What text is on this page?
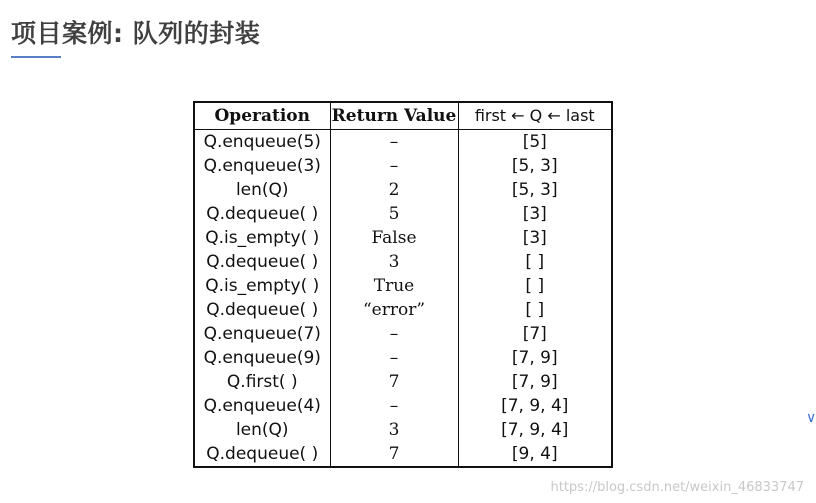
项目案例: 队列的封装
Operation	Return Value	first ← Q ← last
Q.enqueue(5)	–	[5]
Q.enqueue(3)	–	[5, 3]
len(Q)	2	[5, 3]
Q.dequeue( )	5	[3]
Q.is_empty( )	False	[3]
Q.dequeue( )	3	[ ]
Q.is_empty( )	True	[ ]
Q.dequeue( )	“error”	[ ]
Q.enqueue(7)	–	[7]
Q.enqueue(9)	–	[7, 9]
Q.first( )	7	[7, 9]
Q.enqueue(4)	–	[7, 9, 4]
len(Q)	3	[7, 9, 4]
Q.dequeue( )	7	[9, 4]
https://blog.csdn.net/weixin_46833747
∨
